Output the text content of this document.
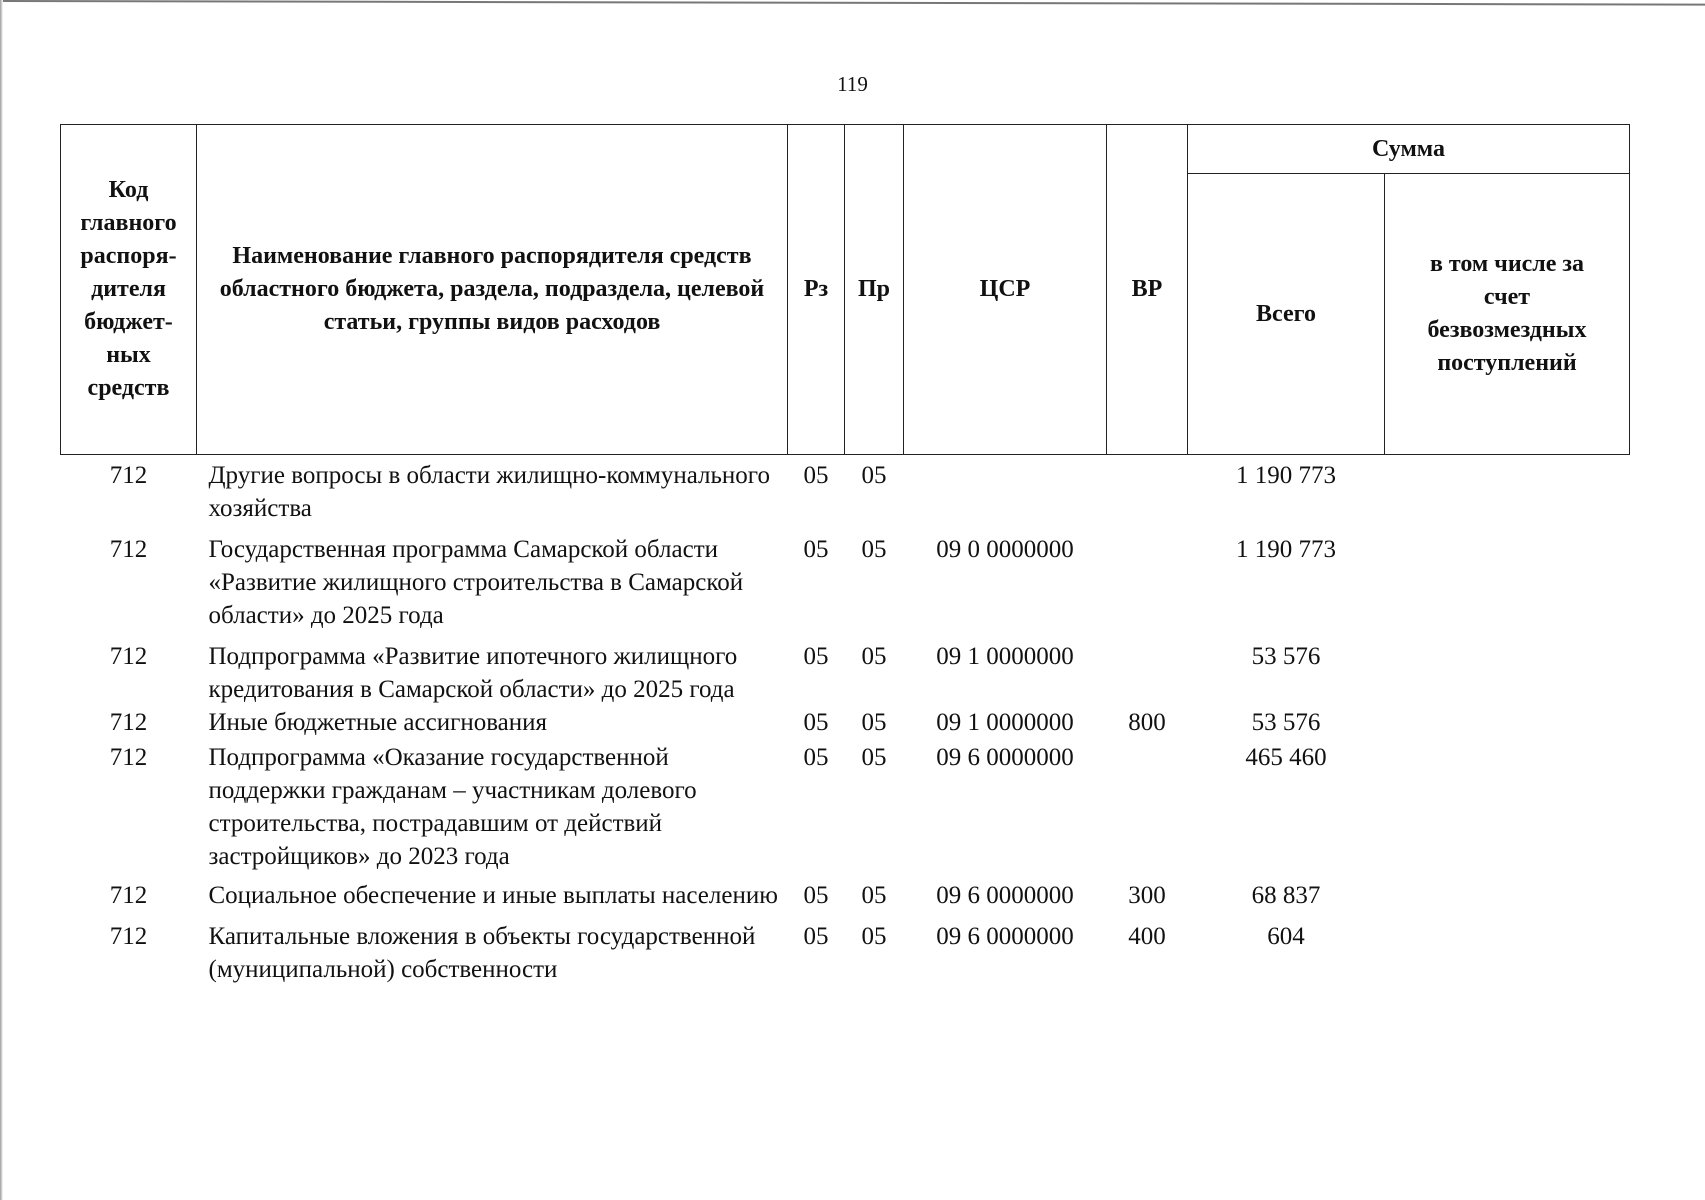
119
Код главного распоря-дителя бюджет-ных средств	Наименование главного распорядителя средств областного бюджета, раздела, подраздела, целевой статьи, группы видов расходов	Рз	Пр	ЦСР	ВР	Сумма	
						Всего	в том числе за счет безвозмездных поступлений
712	Другие вопросы в области жилищно-коммунального хозяйства	05	05			1 190 773	
712	Государственная программа Самарской области «Развитие жилищного строительства в Самарской области» до 2025 года	05	05	09 0 0000000		1 190 773	
712	Подпрограмма «Развитие ипотечного жилищного кредитования в Самарской области» до 2025 года	05	05	09 1 0000000		53 576	
712	Иные бюджетные ассигнования	05	05	09 1 0000000	800	53 576	
712	Подпрограмма «Оказание государственной поддержки гражданам – участникам долевого строительства, пострадавшим от действий застройщиков» до 2023 года	05	05	09 6 0000000		465 460	
712	Социальное обеспечение и иные выплаты населению	05	05	09 6 0000000	300	68 837	
712	Капитальные вложения в объекты государственной (муниципальной) собственности	05	05	09 6 0000000	400	604	
